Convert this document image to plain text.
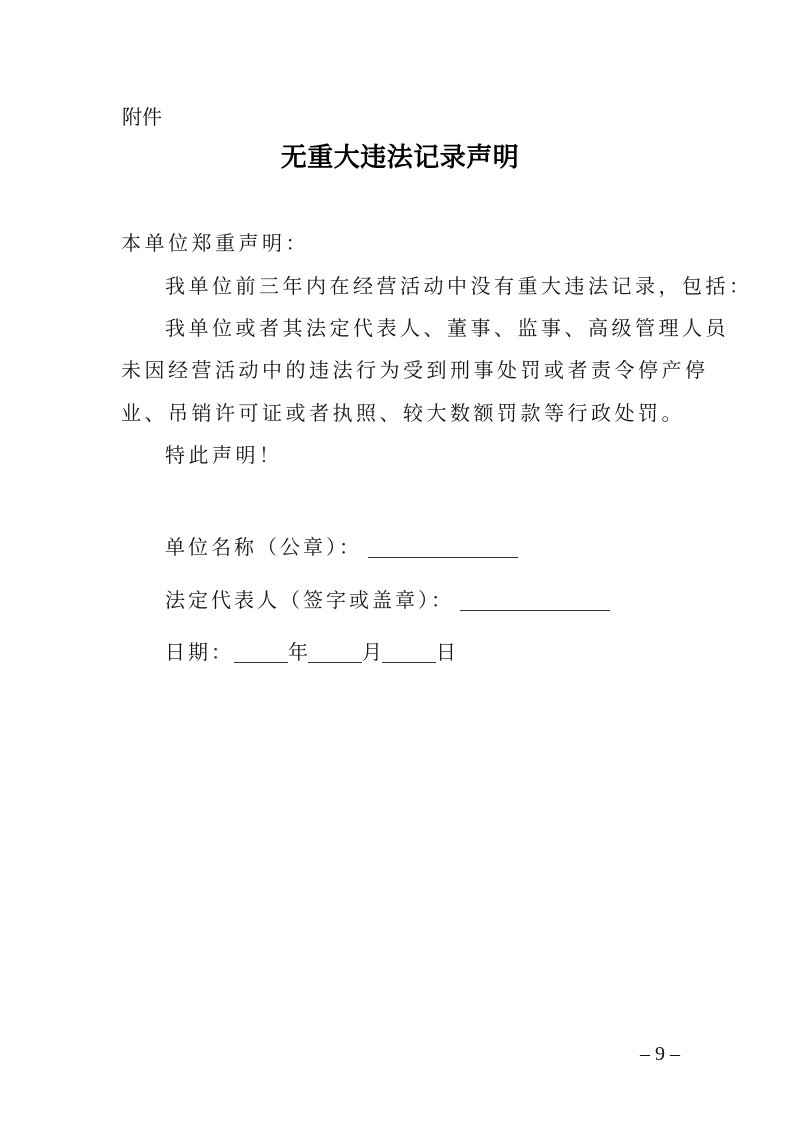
附件
无重大违法记录声明
本单位郑重声明：
我单位前三年内在经营活动中没有重大违法记录，包括：
我单位或者其法定代表人、董事、监事、高级管理人员
未因经营活动中的违法行为受到刑事处罚或者责令停产停
业、吊销许可证或者执照、较大数额罚款等行政处罚。
特此声明！
单位名称（公章）：
法定代表人（签字或盖章）：
日期：	年	月	日
– 9 –
